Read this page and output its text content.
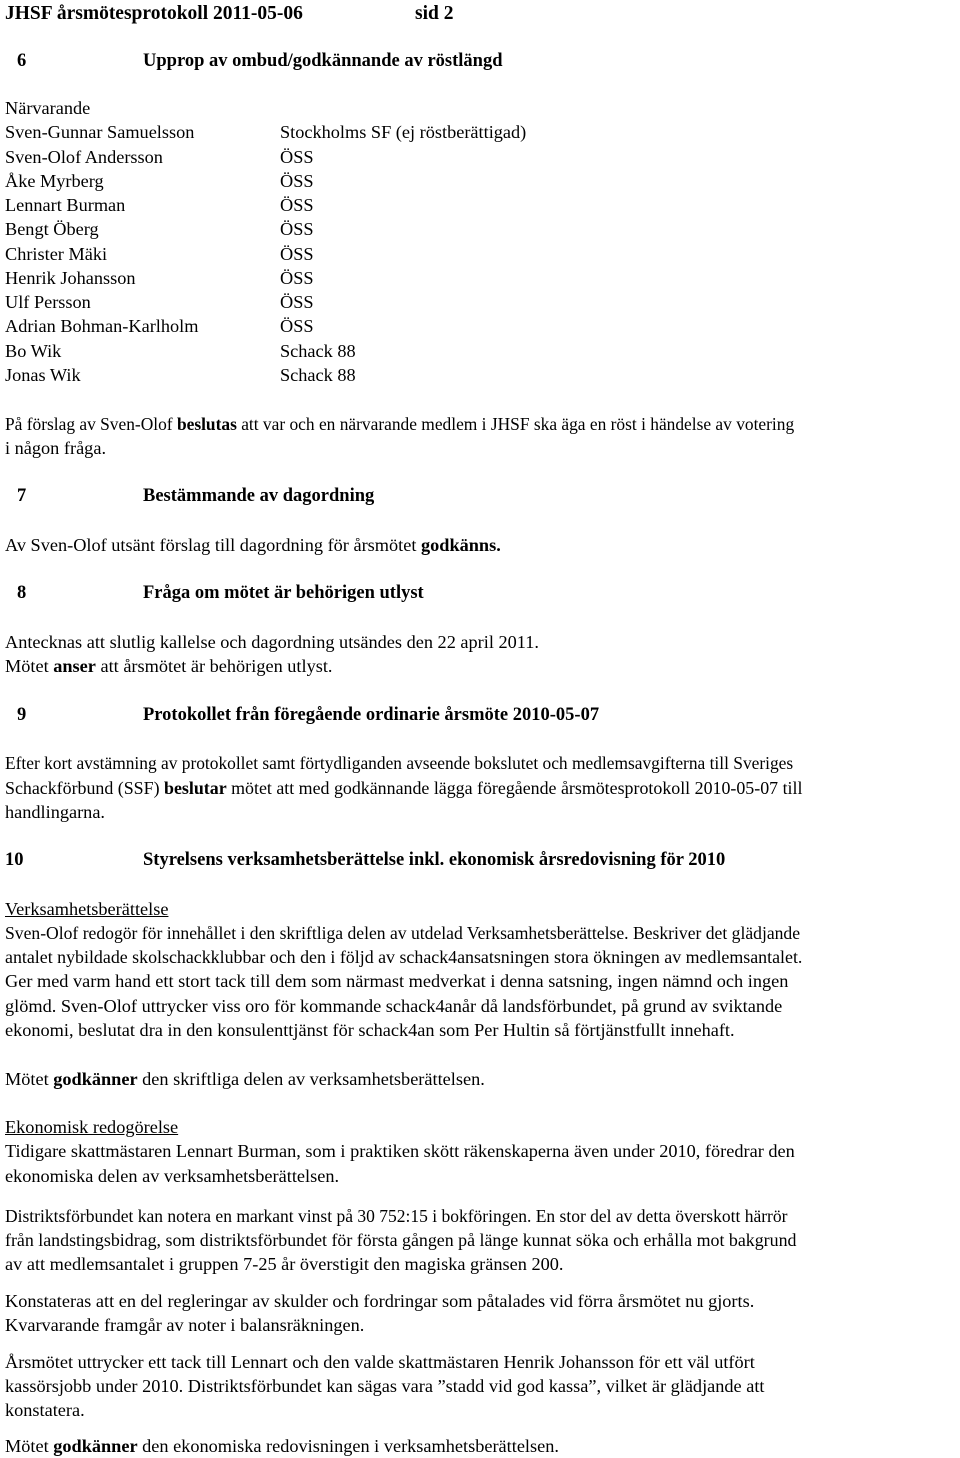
JHSF årsmötesprotokoll 2011-05-06	sid 2
6	Upprop av ombud/godkännande av röstlängd
Närvarande
Sven-Gunnar Samuelsson	Stockholms SF (ej röstberättigad)
Sven-Olof Andersson	ÖSS
Åke Myrberg	ÖSS
Lennart Burman	ÖSS
Bengt Öberg	ÖSS
Christer Mäki	ÖSS
Henrik Johansson	ÖSS
Ulf Persson	ÖSS
Adrian Bohman-Karlholm	ÖSS
Bo Wik	Schack 88
Jonas Wik	Schack 88
På förslag av Sven-Olof beslutas att var och en närvarande medlem i JHSF ska äga en röst i händelse av votering
i någon fråga.
7	Bestämmande av dagordning
Av Sven-Olof utsänt förslag till dagordning för årsmötet godkänns.
8	Fråga om mötet är behörigen utlyst
Antecknas att slutlig kallelse och dagordning utsändes den 22 april 2011.
Mötet anser att årsmötet är behörigen utlyst.
9	Protokollet från föregående ordinarie årsmöte 2010-05-07
Efter kort avstämning av protokollet samt förtydliganden avseende bokslutet och medlemsavgifterna till Sveriges
Schackförbund (SSF) beslutar mötet att med godkännande lägga föregående årsmötesprotokoll 2010-05-07 till
handlingarna.
10	Styrelsens verksamhetsberättelse inkl. ekonomisk årsredovisning för 2010
Verksamhetsberättelse
Sven-Olof redogör för innehållet i den skriftliga delen av utdelad Verksamhetsberättelse. Beskriver det glädjande
antalet nybildade skolschackklubbar och den i följd av schack4ansatsningen stora ökningen av medlemsantalet.
Ger med varm hand ett stort tack till dem som närmast medverkat i denna satsning, ingen nämnd och ingen
glömd. Sven-Olof uttrycker viss oro för kommande schack4anår då landsförbundet, på grund av sviktande
ekonomi, beslutat dra in den konsulenttjänst för schack4an som Per Hultin så förtjänstfullt innehaft.
Mötet godkänner den skriftliga delen av verksamhetsberättelsen.
Ekonomisk redogörelse
Tidigare skattmästaren Lennart Burman, som i praktiken skött räkenskaperna även under 2010, föredrar den
ekonomiska delen av verksamhetsberättelsen.
Distriktsförbundet kan notera en markant vinst på 30 752:15 i bokföringen. En stor del av detta överskott härrör
från landstingsbidrag, som distriktsförbundet för första gången på länge kunnat söka och erhålla mot bakgrund
av att medlemsantalet i gruppen 7-25 år överstigit den magiska gränsen 200.
Konstateras att en del regleringar av skulder och fordringar som påtalades vid förra årsmötet nu gjorts.
Kvarvarande framgår av noter i balansräkningen.
Årsmötet uttrycker ett tack till Lennart och den valde skattmästaren Henrik Johansson för ett väl utfört
kassörsjobb under 2010. Distriktsförbundet kan sägas vara ”stadd vid god kassa”, vilket är glädjande att
konstatera.
Mötet godkänner den ekonomiska redovisningen i verksamhetsberättelsen.
